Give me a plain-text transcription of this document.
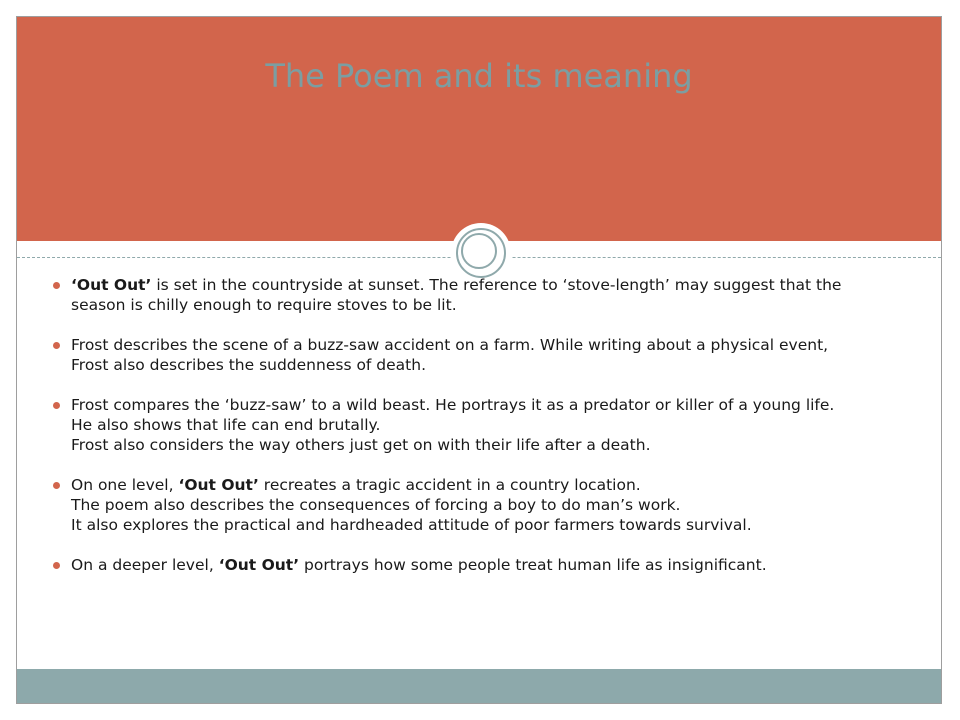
The Poem and its meaning
‘Out Out’ is set in the countryside at sunset. The reference to ‘stove-length’ may suggest that the
season is chilly enough to require stoves to be lit.
Frost describes the scene of a buzz-saw accident on a farm. While writing about a physical event,
Frost also describes the suddenness of death.
Frost compares the ‘buzz-saw’ to a wild beast. He portrays it as a predator or killer of a young life.
He also shows that life can end brutally.
Frost also considers the way others just get on with their life after a death.
On one level, ‘Out Out’ recreates a tragic accident in a country location.
The poem also describes the consequences of forcing a boy to do man’s work.
It also explores the practical and hardheaded attitude of poor farmers towards survival.
On a deeper level, ‘Out Out’ portrays how some people treat human life as insignificant.
